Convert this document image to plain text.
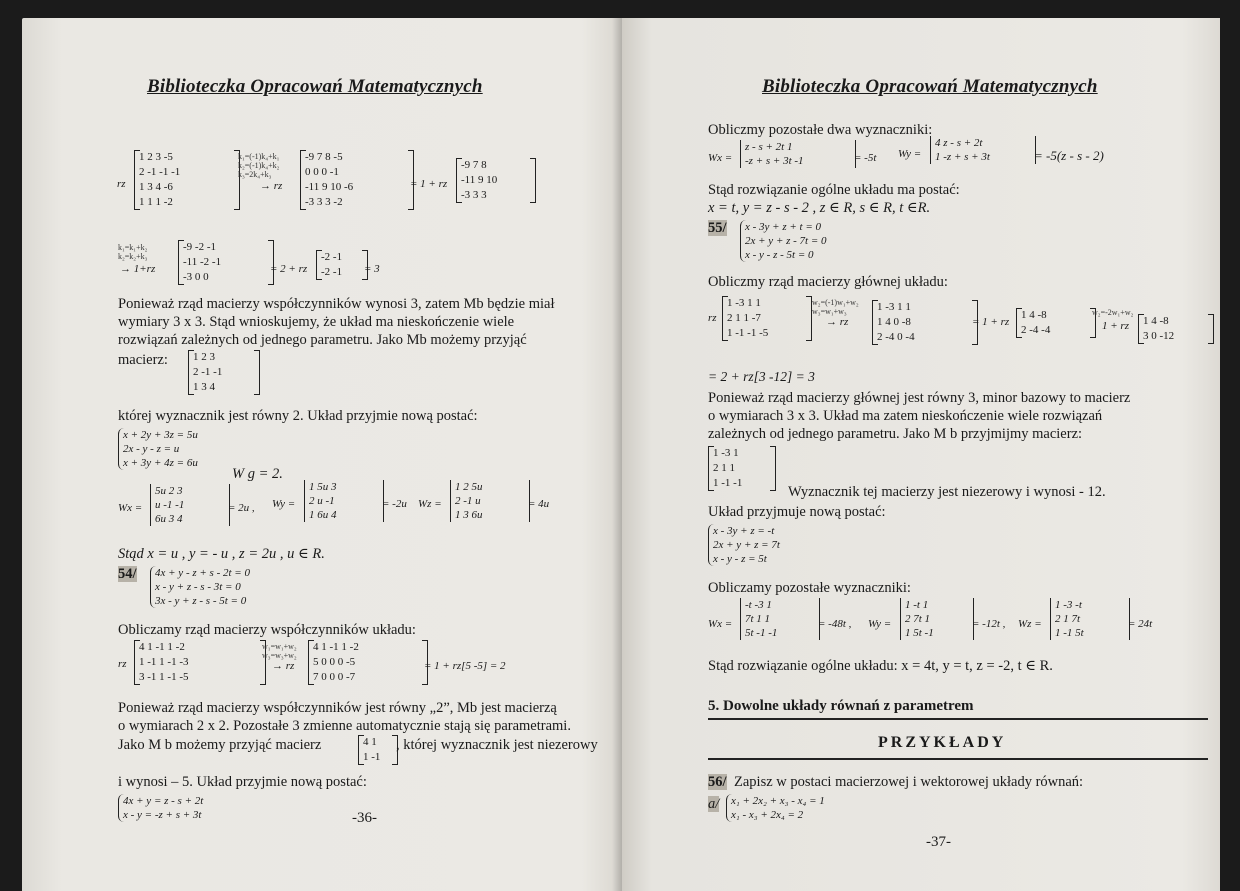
Biblioteczka Opracowań Matematycznych
rz
1 2 3 -5
2 -1 -1 -1
1 3 4 -6
1 1 1 -2
k₁=(-1)k₄+k₁
k₂=(-1)k₄+k₂
k₃=2k₄+k₃
→ rz
-9 7 8 -5
0 0 0 -1
-11 9 10 -6
-3 3 3 -2
= 1 + rz
-9 7 8
-11 9 10
-3 3 3
k₁=k₁+k₂
k₂=k₂+k₃
→ 1+rz
-9 -2 -1
-11 -2 -1
-3 0 0
= 2 + rz
-2 -1
-2 -1	= 3
Ponieważ rząd macierzy współczynników wynosi 3, zatem Mb będzie miał
wymiary 3 x 3. Stąd wnioskujemy, że układ ma nieskończenie wiele
rozwiązań zależnych od jednego parametru. Jako Mb możemy przyjąć
macierz: 1 2 3
2 -1 -1
1 3 4
której wyznacznik jest równy 2. Układ przyjmie nową postać:
x + 2y + 3z = 5u
2x - y - z = u
x + 3y + 4z = 6u
W g = 2.
Wx =
5u 2 3
u -1 -1
6u 3 4
= 2u , Wy =
1 5u 3
2 u -1
1 6u 4
= -2u Wz =
1 2 5u
2 -1 u
1 3 6u
= 4u
Stąd x = u , y = - u , z = 2u , u ∈ R.
54/ 4x + y - z + s - 2t = 0
x - y + z - s - 3t = 0
3x - y + z - s - 5t = 0
Obliczamy rząd macierzy współczynników układu:
rz
4 1 -1 1 -2
1 -1 1 -1 -3
3 -1 1 -1 -5
w₁=w₁+w₂
w₃=w₃+w₂
→ rz
4 1 -1 1 -2
5 0 0 0 -5
7 0 0 0 -7
= 1 + rz[5 -5] = 2
Ponieważ rząd macierzy współczynników jest równy „2”, Mb jest macierzą
o wymiarach 2 x 2. Pozostałe 3 zmienne automatycznie stają się parametrami.
Jako M b możemy przyjąć macierz	4 1
1 -1
, której wyznacznik jest niezerowy
i wynosi – 5. Układ przyjmie nową postać:
4x + y = z - s + 2t
x - y = -z + s + 3t	-36-
Biblioteczka Opracowań Matematycznych
Obliczmy pozostałe dwa wyznaczniki:
Wx =
z - s + 2t 1
-z + s + 3t -1	= -5t Wy =
4 z - s + 2t
1 -z + s + 3t	= -5(z - s - 2)
Stąd rozwiązanie ogólne układu ma postać:
x = t, y = z - s - 2 , z ∈ R, s ∈ R, t ∈R.
55/ x - 3y + z + t = 0
2x + y + z - 7t = 0
x - y - z - 5t = 0
Obliczmy rząd macierzy głównej układu:
rz
1 -3 1 1
2 1 1 -7
1 -1 -1 -5
w₂=(-1)w₁+w₂
w₃=w₁+w₃
→ rz
1 -3 1 1
1 4 0 -8
2 -4 0 -4
= 1 + rz
1 4 -8
2 -4 -4
w₂=-2w₁+w₂
1 + rz 1 4 -8
3 0 -12
= 2 + rz[3 -12] = 3
Ponieważ rząd macierzy głównej jest równy 3, minor bazowy to macierz
o wymiarach 3 x 3. Układ ma zatem nieskończenie wiele rozwiązań
zależnych od jednego parametru. Jako M b przyjmijmy macierz:
1 -3 1
2 1 1
1 -1 -1
Wyznacznik tej macierzy jest niezerowy i wynosi - 12.
Układ przyjmuje nową postać:
x - 3y + z = -t
2x + y + z = 7t
x - y - z = 5t
Obliczamy pozostałe wyznaczniki:
Wx =
-t -3 1
7t 1 1
5t -1 -1
= -48t , Wy =
1 -t 1
2 7t 1
1 5t -1
= -12t , Wz =
1 -3 -t
2 1 7t
1 -1 5t
= 24t
Stąd rozwiązanie ogólne układu: x = 4t, y = t, z = -2, t ∈ R.
5. Dowolne układy równań z parametrem
PRZYKŁADY
56/ Zapisz w postaci macierzowej i wektorowej układy równań:
a/ x₁ + 2x₂ + x₃ - x₄ = 1
x₁ - x₃ + 2x₄ = 2
-37-
